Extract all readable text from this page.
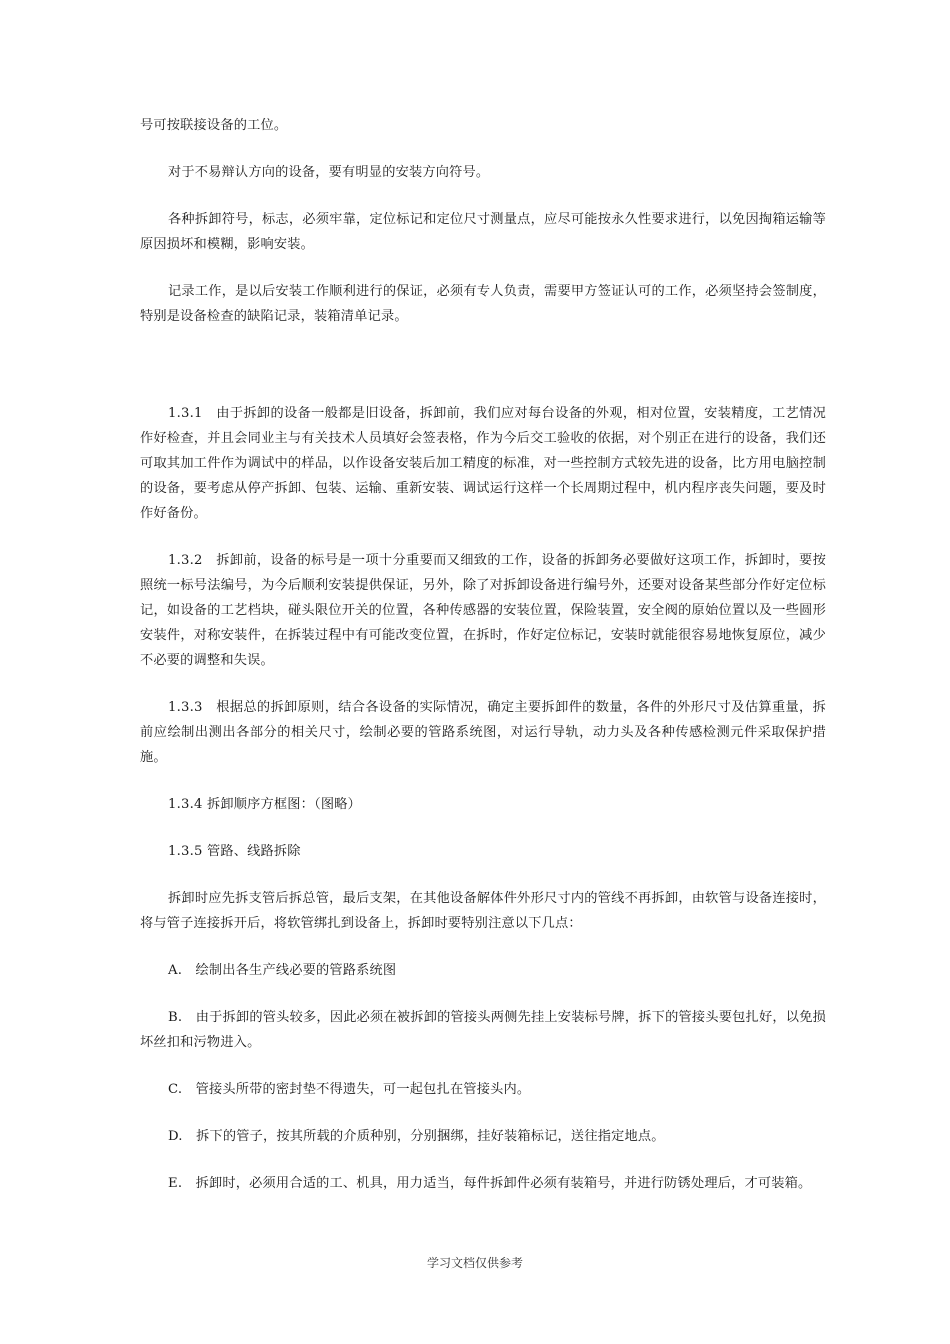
号可按联接设备的工位。

对于不易辩认方向的设备，要有明显的安装方向符号。

各种拆卸符号，标志，必须牢靠，定位标记和定位尺寸测量点，应尽可能按永久性要求进行，以免因掏箱运输等原因损坏和模糊，影响安装。

记录工作，是以后安装工作顺利进行的保证，必须有专人负责，需要甲方签证认可的工作，必须坚持会签制度，特别是设备检查的缺陷记录，装箱清单记录。

1.3.1　由于拆卸的设备一般都是旧设备，拆卸前，我们应对每台设备的外观，相对位置，安装精度，工艺情况作好检查，并且会同业主与有关技术人员填好会签表格，作为今后交工验收的依据，对个别正在进行的设备，我们还可取其加工件作为调试中的样品，以作设备安装后加工精度的标准，对一些控制方式较先进的设备，比方用电脑控制的设备，要考虑从停产拆卸、包装、运输、重新安装、调试运行这样一个长周期过程中，机内程序丧失问题，要及时作好备份。

1.3.2　拆卸前，设备的标号是一项十分重要而又细致的工作，设备的拆卸务必要做好这项工作，拆卸时，要按照统一标号法编号，为今后顺利安装提供保证，另外，除了对拆卸设备进行编号外，还要对设备某些部分作好定位标记，如设备的工艺档块，碰头限位开关的位置，各种传感器的安装位置，保险装置，安全阀的原始位置以及一些圆形安装件，对称安装件，在拆装过程中有可能改变位置，在拆时，作好定位标记，安装时就能很容易地恢复原位，减少不必要的调整和失误。

1.3.3　根据总的拆卸原则，结合各设备的实际情况，确定主要拆卸件的数量，各件的外形尺寸及估算重量，拆前应绘制出测出各部分的相关尺寸，绘制必要的管路系统图，对运行导轨，动力头及各种传感检测元件采取保护措施。

1.3.4 拆卸顺序方框图：（图略）

1.3.5 管路、线路拆除

拆卸时应先拆支管后拆总管，最后支架，在其他设备解体件外形尺寸内的管线不再拆卸，由软管与设备连接时，将与管子连接拆开后，将软管绑扎到设备上，拆卸时要特别注意以下几点：

A.　绘制出各生产线必要的管路系统图

B.　由于拆卸的管头较多，因此必须在被拆卸的管接头两侧先挂上安装标号牌，拆下的管接头要包扎好，以免损坏丝扣和污物进入。

C.　管接头所带的密封垫不得遗失，可一起包扎在管接头内。

D.　拆下的管子，按其所载的介质种别，分别捆绑，挂好装箱标记，送往指定地点。

E.　拆卸时，必须用合适的工、机具，用力适当，每件拆卸件必须有装箱号，并进行防锈处理后，才可装箱。

学习文档仅供参考
